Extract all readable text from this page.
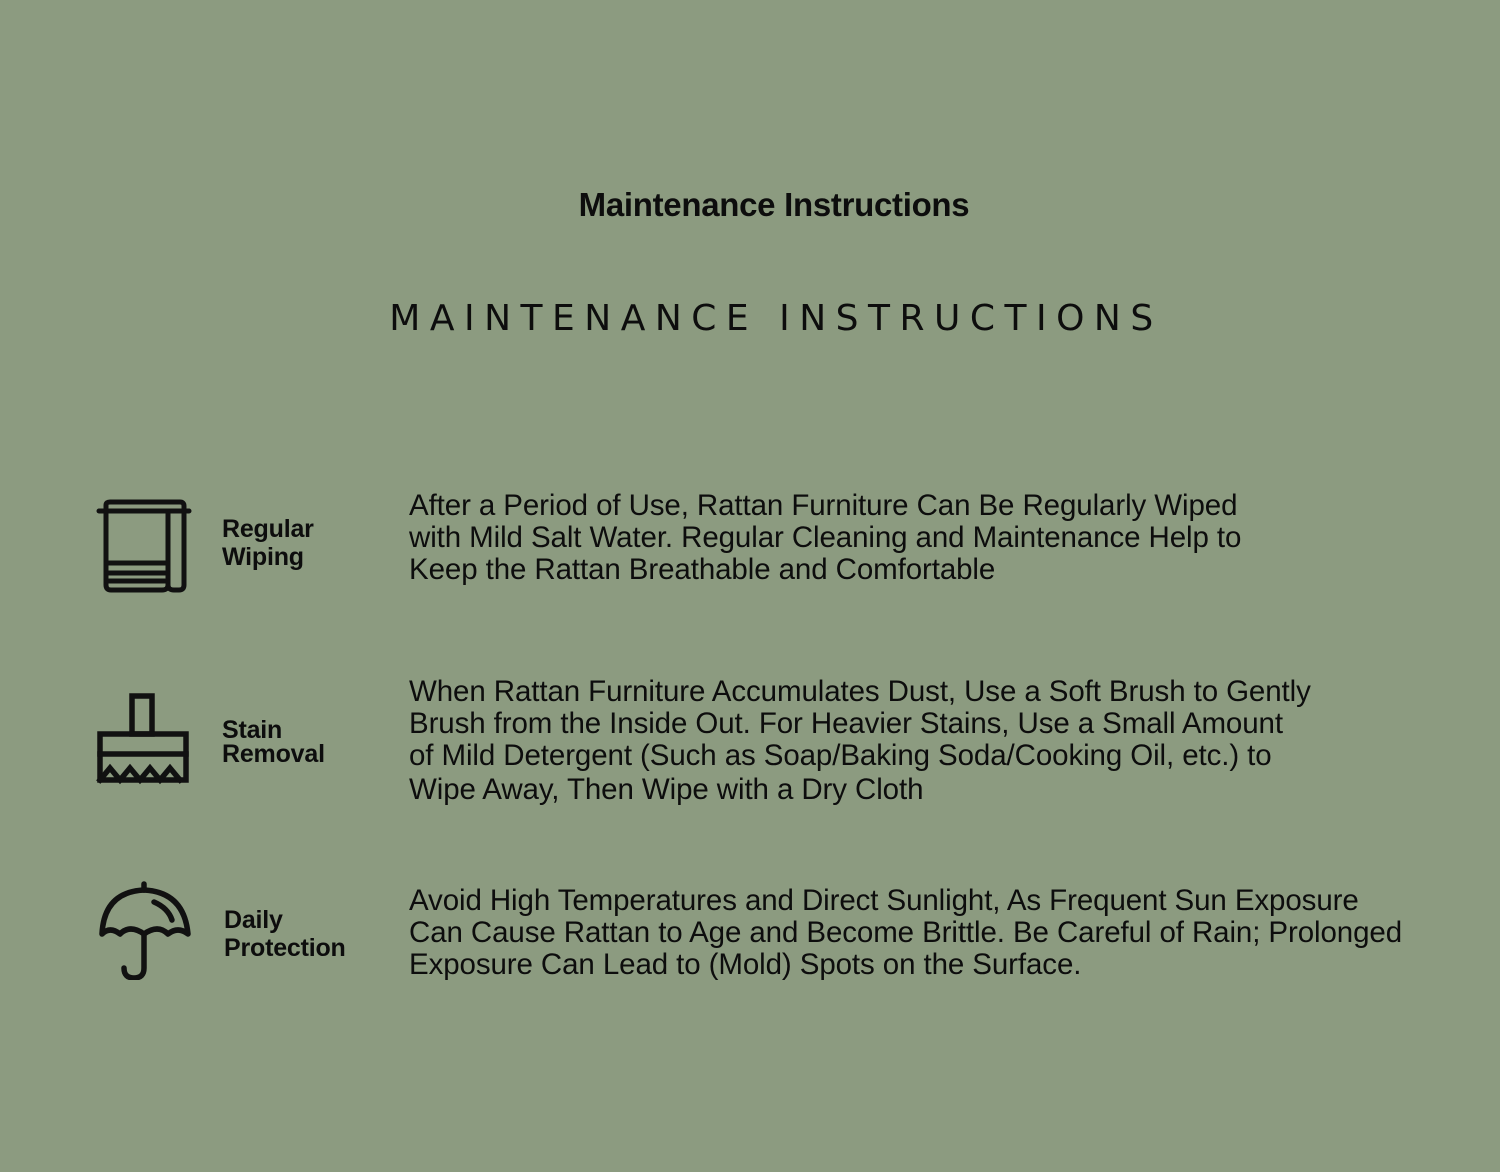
Maintenance Instructions
MAINTENANCE INSTRUCTIONS
Regular
Wiping
After a Period of Use, Rattan Furniture Can Be Regularly Wiped
with Mild Salt Water. Regular Cleaning and Maintenance Help to
Keep the Rattan Breathable and Comfortable
Stain
Removal
When Rattan Furniture Accumulates Dust, Use a Soft Brush to Gently
Brush from the Inside Out. For Heavier Stains, Use a Small Amount
of Mild Detergent (Such as Soap/Baking Soda/Cooking Oil, etc.) to
Wipe Away, Then Wipe with a Dry Cloth
Daily
Protection
Avoid High Temperatures and Direct Sunlight, As Frequent Sun Exposure
Can Cause Rattan to Age and Become Brittle. Be Careful of Rain; Prolonged
Exposure Can Lead to (Mold) Spots on the Surface.
